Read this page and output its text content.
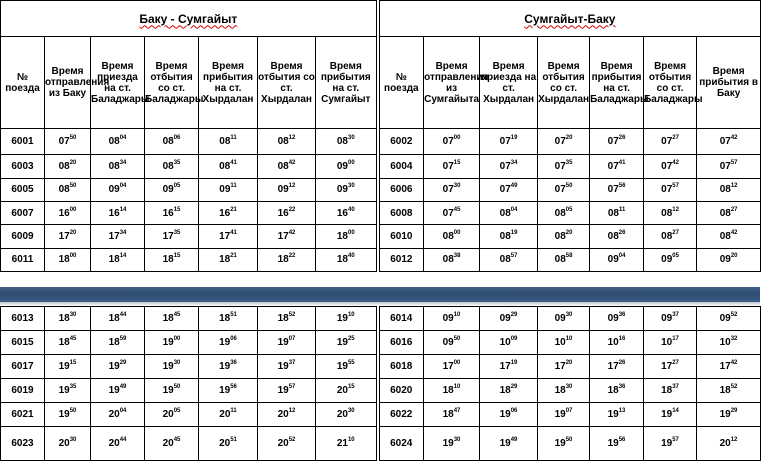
Баку - Сумгайыт							Сумгайыт-Баку						
№ поезда	Время отправления из Баку	Время приезда на ст. Баладжары	Время отбытия со ст. Баладжары	Время прибытия на ст. Хырдалан	Время отбытия со ст. Хырдалан	Время прибытия на ст. Сумгайыт	№ поезда	Время отправления из Сумгайыта	Время приезда на ст. Хырдалан	Время отбытия со ст. Хырдалан	Время прибытия на ст. Баладжары	Время отбытия со ст. Баладжары	Время прибытия в Баку
6001	$07^{50}$	$08^{04}$	$08^{06}$	$08^{11}$	$08^{12}$	$08^{30}$	6002	$07^{00}$	$07^{19}$	$07^{20}$	$07^{26}$	$07^{27}$	$07^{42}$
6003	$08^{20}$	$08^{34}$	$08^{35}$	$08^{41}$	$08^{42}$	$09^{00}$	6004	$07^{15}$	$07^{34}$	$07^{35}$	$07^{41}$	$07^{42}$	$07^{57}$
6005	$08^{50}$	$09^{04}$	$09^{05}$	$09^{11}$	$09^{12}$	$09^{30}$	6006	$07^{30}$	$07^{49}$	$07^{50}$	$07^{56}$	$07^{57}$	$08^{12}$
6007	$16^{00}$	$16^{14}$	$16^{15}$	$16^{21}$	$16^{22}$	$16^{40}$	6008	$07^{45}$	$08^{04}$	$08^{05}$	$08^{11}$	$08^{12}$	$08^{27}$
6009	$17^{20}$	$17^{34}$	$17^{35}$	$17^{41}$	$17^{42}$	$18^{00}$	6010	$08^{00}$	$08^{19}$	$08^{20}$	$08^{26}$	$08^{27}$	$08^{42}$
6011	$18^{00}$	$18^{14}$	$18^{15}$	$18^{21}$	$18^{22}$	$18^{40}$	6012	$08^{38}$	$08^{57}$	$08^{58}$	$09^{04}$	$09^{05}$	$09^{20}$
6013	$18^{30}$	$18^{44}$	$18^{45}$	$18^{51}$	$18^{52}$	$19^{10}$	6014	$09^{10}$	$09^{29}$	$09^{30}$	$09^{36}$	$09^{37}$	$09^{52}$
6015	$18^{45}$	$18^{59}$	$19^{00}$	$19^{06}$	$19^{07}$	$19^{25}$	6016	$09^{50}$	$10^{09}$	$10^{10}$	$10^{16}$	$10^{17}$	$10^{32}$
6017	$19^{15}$	$19^{29}$	$19^{30}$	$19^{36}$	$19^{37}$	$19^{55}$	6018	$17^{00}$	$17^{19}$	$17^{20}$	$17^{26}$	$17^{27}$	$17^{42}$
6019	$19^{35}$	$19^{49}$	$19^{50}$	$19^{56}$	$19^{57}$	$20^{15}$	6020	$18^{10}$	$18^{29}$	$18^{30}$	$18^{36}$	$18^{37}$	$18^{52}$
6021	$19^{50}$	$20^{04}$	$20^{05}$	$20^{11}$	$20^{12}$	$20^{30}$	6022	$18^{47}$	$19^{06}$	$19^{07}$	$19^{13}$	$19^{14}$	$19^{29}$
6023	$20^{30}$	$20^{44}$	$20^{45}$	$20^{51}$	$20^{52}$	$21^{10}$	6024	$19^{30}$	$19^{49}$	$19^{50}$	$19^{56}$	$19^{57}$	$20^{12}$
